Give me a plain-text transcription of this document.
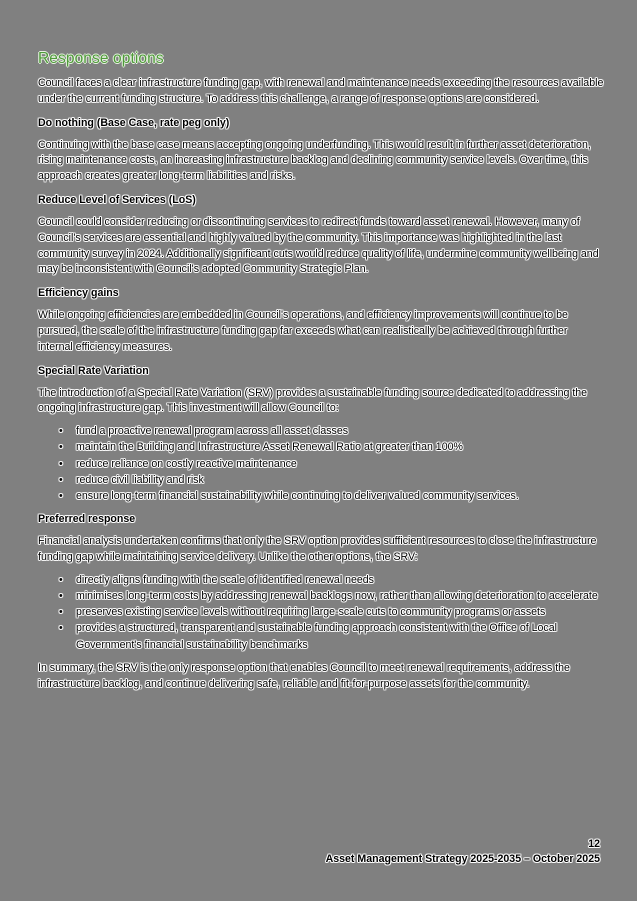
Response options

Council faces a clear infrastructure funding gap, with renewal and maintenance needs exceeding the resources available under the current funding structure. To address this challenge, a range of response options are considered.

Do nothing (Base Case, rate peg only)

Continuing with the base case means accepting ongoing underfunding. This would result in further asset deterioration, rising maintenance costs, an increasing infrastructure backlog and declining community service levels. Over time, this approach creates greater long-term liabilities and risks.

Reduce Level of Services (LoS)

Council could consider reducing or discontinuing services to redirect funds toward asset renewal. However, many of Council's services are essential and highly valued by the community. This importance was highlighted in the last community survey in 2024. Additionally significant cuts would reduce quality of life, undermine community wellbeing and may be inconsistent with Council's adopted Community Strategic Plan.

Efficiency gains

While ongoing efficiencies are embedded in Council's operations, and efficiency improvements will continue to be pursued, the scale of the infrastructure funding gap far exceeds what can realistically be achieved through further internal efficiency measures.

Special Rate Variation

The introduction of a Special Rate Variation (SRV) provides a sustainable funding source dedicated to addressing the ongoing infrastructure gap. This investment will allow Council to:

• fund a proactive renewal program across all asset classes
• maintain the Building and Infrastructure Asset Renewal Ratio at greater than 100%
• reduce reliance on costly reactive maintenance
• reduce civil liability and risk
• ensure long-term financial sustainability while continuing to deliver valued community services.
Preferred response

Financial analysis undertaken confirms that only the SRV option provides sufficient resources to close the infrastructure funding gap while maintaining service delivery. Unlike the other options, the SRV:

• directly aligns funding with the scale of identified renewal needs
• minimises long-term costs by addressing renewal backlogs now, rather than allowing deterioration to accelerate
• preserves existing service levels without requiring large-scale cuts to community programs or assets
• provides a structured, transparent and sustainable funding approach consistent with the Office of Local Government's financial sustainability benchmarks

In summary, the SRV is the only response option that enables Council to meet renewal requirements, address the infrastructure backlog, and continue delivering safe, reliable and fit-for-purpose assets for the community.

12
Asset Management Strategy 2025-2035 – October 2025
